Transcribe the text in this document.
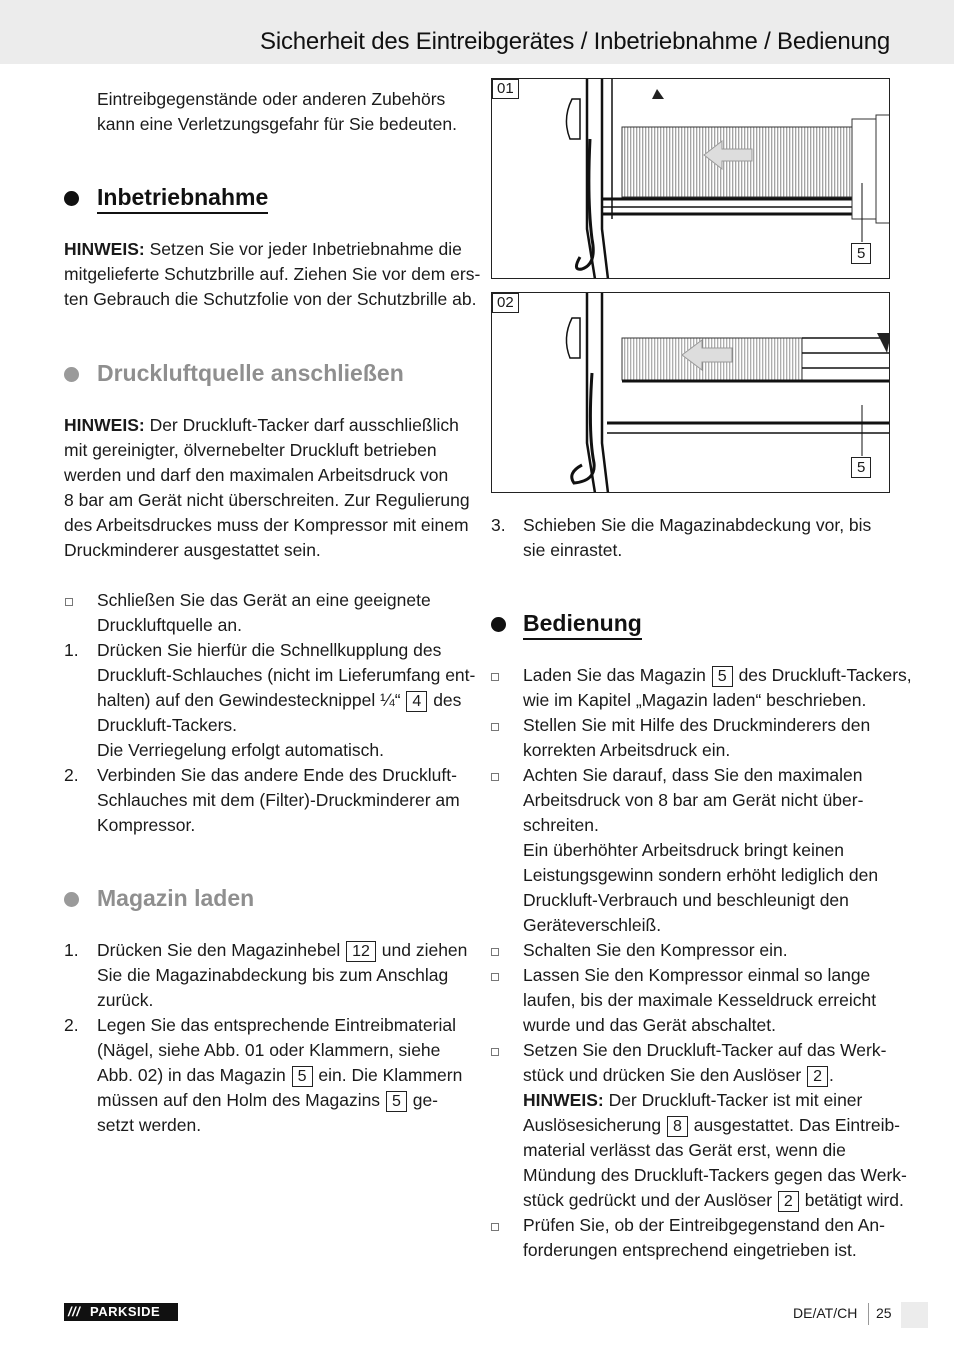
Sicherheit des Eintreibgerätes / Inbetriebnahme / Bedienung
Eintreibgegenstände oder anderen Zubehörs
kann eine Verletzungsgefahr für Sie bedeuten.
Inbetriebnahme
HINWEIS: Setzen Sie vor jeder Inbetriebnahme die
mitgelieferte Schutzbrille auf. Ziehen Sie vor dem ers-
ten Gebrauch die Schutzfolie von der Schutzbrille ab.
Druckluftquelle anschließen
HINWEIS: Der Druckluft-Tacker darf ausschließlich
mit gereinigter, ölvernebelter Druckluft betrieben
werden und darf den maximalen Arbeitsdruck von
8 bar am Gerät nicht überschreiten. Zur Regulierung
des Arbeitsdruckes muss der Kompressor mit einem
Druckminderer ausgestattet sein.
Schließen Sie das Gerät an eine geeignete
Druckluftquelle an.
1. Drücken Sie hierfür die Schnellkupplung des
Druckluft-Schlauches (nicht im Lieferumfang ent-
halten) auf den Gewindestecknippel ¼“ 4 des
Druckluft-Tackers.
Die Verriegelung erfolgt automatisch.
2. Verbinden Sie das andere Ende des Druckluft-
Schlauches mit dem (Filter)-Druckminderer am
Kompressor.
Magazin laden
1. Drücken Sie den Magazinhebel 12 und ziehen
Sie die Magazinabdeckung bis zum Anschlag
zurück.
2. Legen Sie das entsprechende Eintreibmaterial
(Nägel, siehe Abb. 01 oder Klammern, siehe
Abb. 02) in das Magazin 5 ein. Die Klammern
müssen auf den Holm des Magazins 5 ge-
setzt werden.
01
5
02
5
3. Schieben Sie die Magazinabdeckung vor, bis
sie einrastet.
Bedienung
Laden Sie das Magazin 5 des Druckluft-Tackers,
wie im Kapitel „Magazin laden“ beschrieben.
Stellen Sie mit Hilfe des Druckminderers den
korrekten Arbeitsdruck ein.
Achten Sie darauf, dass Sie den maximalen
Arbeitsdruck von 8 bar am Gerät nicht über-
schreiten.
Ein überhöhter Arbeitsdruck bringt keinen
Leistungsgewinn sondern erhöht lediglich den
Druckluft-Verbrauch und beschleunigt den
Geräteverschleiß.
Schalten Sie den Kompressor ein.
Lassen Sie den Kompressor einmal so lange
laufen, bis der maximale Kesseldruck erreicht
wurde und das Gerät abschaltet.
Setzen Sie den Druckluft-Tacker auf das Werk-
stück und drücken Sie den Auslöser 2 .
HINWEIS: Der Druckluft-Tacker ist mit einer
Auslösesicherung 8 ausgestattet. Das Eintreib-
material verlässt das Gerät erst, wenn die
Mündung des Druckluft-Tackers gegen das Werk-
stück gedrückt und der Auslöser 2 betätigt wird.
Prüfen Sie, ob der Eintreibgegenstand den An-
forderungen entsprechend eingetrieben ist.
/// PARKSIDE	DE/AT/CH 25
